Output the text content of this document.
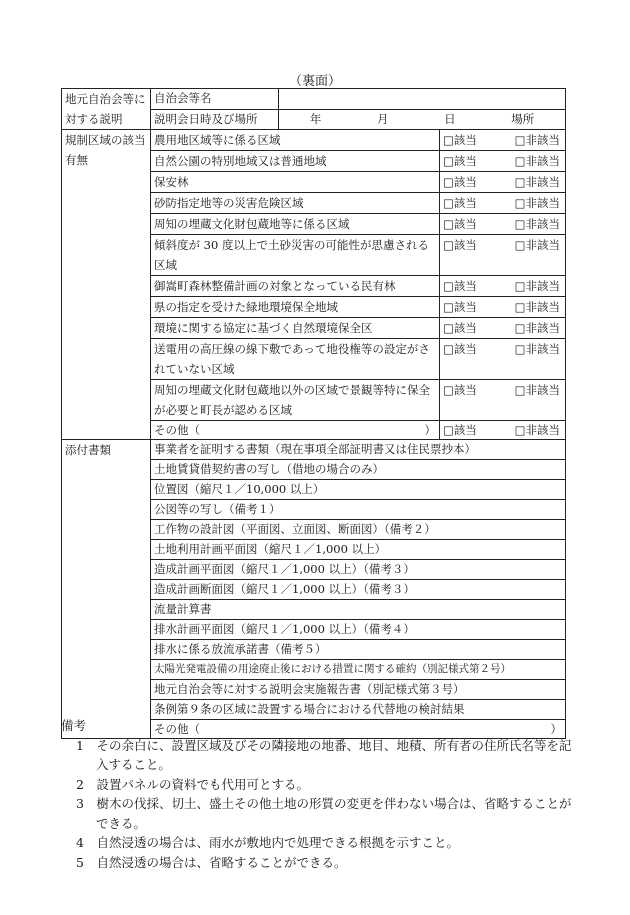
（裏面）
地元自治会等に対する説明	自治会等名		
	説明会日時及び場所	年 月 日 場所	

規制区域の該当有無	農用地区域等に係る区域		□該当 □非該当

	自然公園の特別地域又は普通地域		□該当 □非該当

	保安林		□該当 □非該当

	砂防指定地等の災害危険区域		□該当 □非該当

	周知の埋蔵文化財包蔵地等に係る区域		□該当 □非該当

	傾斜度が 30 度以上で土砂災害の可能性が思慮される区域		□該当 □非該当

	御嵩町森林整備計画の対象となっている民有林		□該当 □非該当

	県の指定を受けた緑地環境保全地域		□該当 □非該当

	環境に関する協定に基づく自然環境保全区		□該当 □非該当

	送電用の高圧線の線下敷であって地役権等の設定がされていない区域		□該当 □非該当

	周知の埋蔵文化財包蔵地以外の区域で景観等特に保全が必要と町長が認める区域		□該当 □非該当

	その他（ ）		□該当 □非該当

添付書類	事業者を証明する書類（現在事項全部証明書又は住民票抄本）		
	土地賃貸借契約書の写し（借地の場合のみ）		
	位置図（縮尺１／10,000 以上）		
	公図等の写し（備考１）		
	工作物の設計図（平面図、立面図、断面図）（備考２）		
	土地利用計画平面図（縮尺１／1,000 以上）		
	造成計画平面図（縮尺１／1,000 以上）（備考３）		
	造成計画断面図（縮尺１／1,000 以上）（備考３）		
	流量計算書		
	排水計画平面図（縮尺１／1,000 以上）（備考４）		
	排水に係る放流承諾書（備考５）		
	太陽光発電設備の用途廃止後における措置に関する確約（別記様式第２号）		
	地元自治会等に対する説明会実施報告書（別記様式第３号）		
	条例第９条の区域に設置する場合における代替地の検討結果		

	その他（ ）		
備考
1　その余白に、設置区域及びその隣接地の地番、地目、地積、所有者の住所氏名等を記入すること。
2　設置パネルの資料でも代用可とする。
3　樹木の伐採、切土、盛土その他土地の形質の変更を伴わない場合は、省略することができる。
4　自然浸透の場合は、雨水が敷地内で処理できる根拠を示すこと。
5　自然浸透の場合は、省略することができる。
